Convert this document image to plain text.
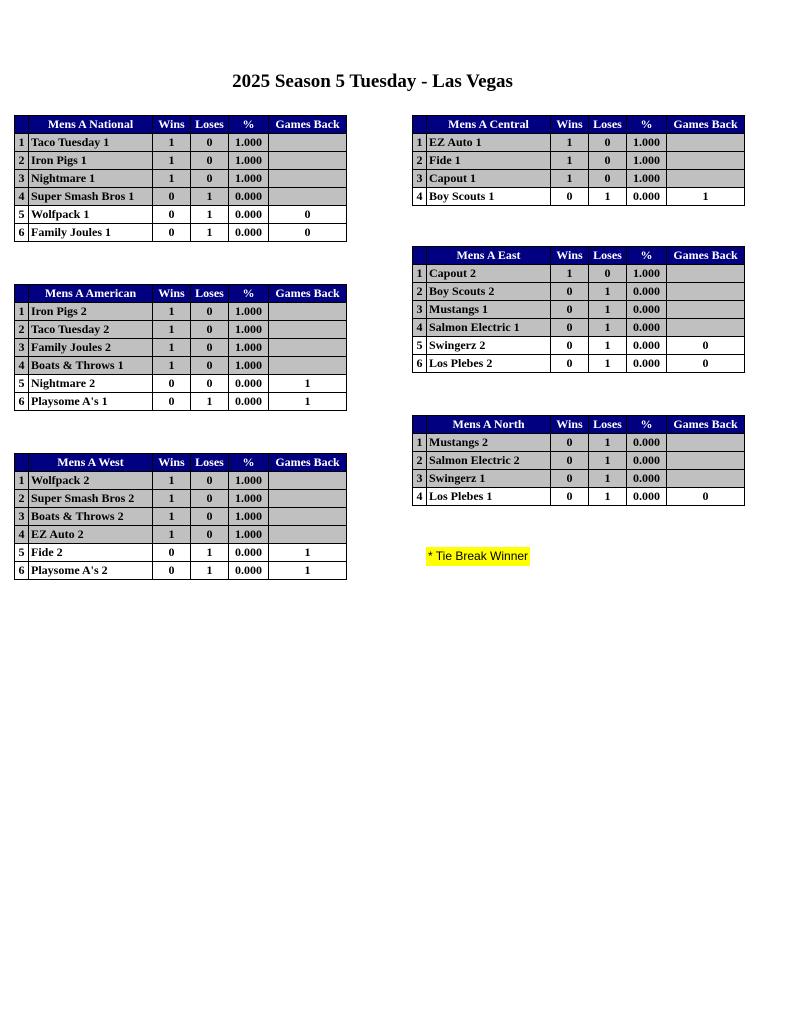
2025 Season 5 Tuesday - Las Vegas
	Mens A National	Wins	Loses	%	Games Back
1	Taco Tuesday 1	1	0	1.000	
2	Iron Pigs 1	1	0	1.000	
3	Nightmare 1	1	0	1.000	
4	Super Smash Bros 1	0	1	0.000	
5	Wolfpack 1	0	1	0.000	0
6	Family Joules 1	0	1	0.000	0
	Mens A American	Wins	Loses	%	Games Back
1	Iron Pigs 2	1	0	1.000	
2	Taco Tuesday 2	1	0	1.000	
3	Family Joules 2	1	0	1.000	
4	Boats & Throws 1	1	0	1.000	
5	Nightmare 2	0	0	0.000	1
6	Playsome A's 1	0	1	0.000	1
	Mens A West	Wins	Loses	%	Games Back
1	Wolfpack 2	1	0	1.000	
2	Super Smash Bros 2	1	0	1.000	
3	Boats & Throws 2	1	0	1.000	
4	EZ Auto 2	1	0	1.000	
5	Fide 2	0	1	0.000	1
6	Playsome A's 2	0	1	0.000	1
	Mens A Central	Wins	Loses	%	Games Back
1	EZ Auto 1	1	0	1.000	
2	Fide 1	1	0	1.000	
3	Capout 1	1	0	1.000	
4	Boy Scouts 1	0	1	0.000	1
	Mens A East	Wins	Loses	%	Games Back
1	Capout 2	1	0	1.000	
2	Boy Scouts 2	0	1	0.000	
3	Mustangs 1	0	1	0.000	
4	Salmon Electric 1	0	1	0.000	
5	Swingerz 2	0	1	0.000	0
6	Los Plebes 2	0	1	0.000	0
	Mens A North	Wins	Loses	%	Games Back
1	Mustangs 2	0	1	0.000	
2	Salmon Electric 2	0	1	0.000	
3	Swingerz 1	0	1	0.000	
4	Los Plebes 1	0	1	0.000	0
* Tie Break Winner
